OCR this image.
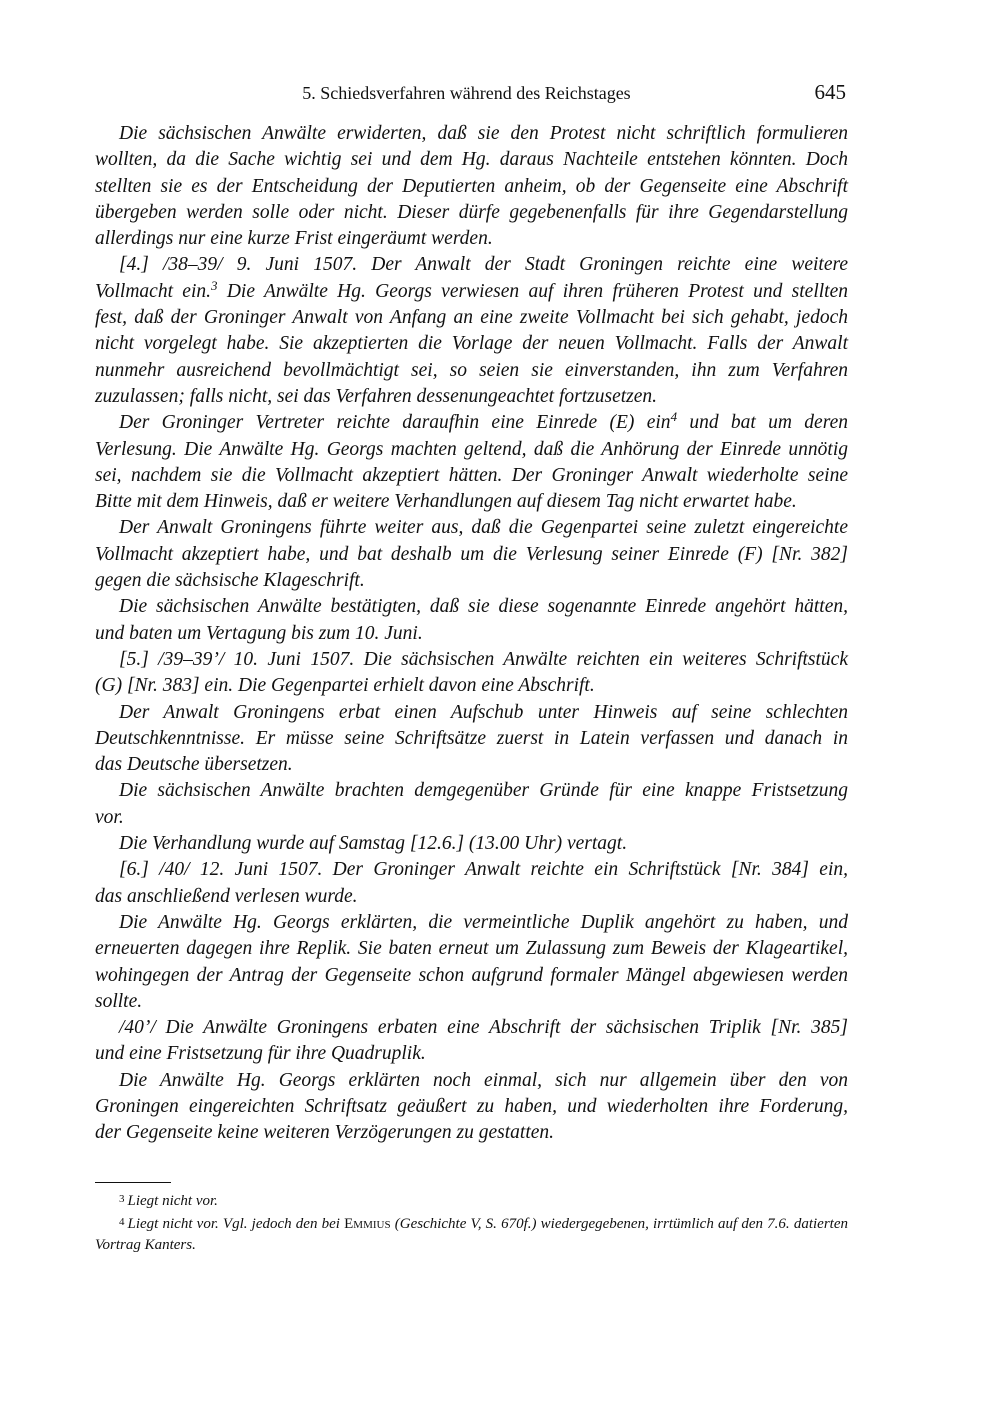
5. Schiedsverfahren während des Reichstages	645
Die sächsischen Anwälte erwiderten, daß sie den Protest nicht schriftlich formulieren
wollten, da die Sache wichtig sei und dem Hg. daraus Nachteile entstehen könnten. Doch
stellten sie es der Entscheidung der Deputierten anheim, ob der Gegenseite eine Abschrift
übergeben werden solle oder nicht. Dieser dürfe gegebenenfalls für ihre Gegendarstellung
allerdings nur eine kurze Frist eingeräumt werden.
[4.] /38–39/ 9. Juni 1507. Der Anwalt der Stadt Groningen reichte eine weitere
Vollmacht ein.$^3$ Die Anwälte Hg. Georgs verwiesen auf ihren früheren Protest und stellten
fest, daß der Groninger Anwalt von Anfang an eine zweite Vollmacht bei sich gehabt, jedoch
nicht vorgelegt habe. Sie akzeptierten die Vorlage der neuen Vollmacht. Falls der Anwalt
nunmehr ausreichend bevollmächtigt sei, so seien sie einverstanden, ihn zum Verfahren
zuzulassen; falls nicht, sei das Verfahren dessenungeachtet fortzusetzen.
Der Groninger Vertreter reichte daraufhin eine Einrede (E) ein$^4$ und bat um deren
Verlesung. Die Anwälte Hg. Georgs machten geltend, daß die Anhörung der Einrede unnötig
sei, nachdem sie die Vollmacht akzeptiert hätten. Der Groninger Anwalt wiederholte seine
Bitte mit dem Hinweis, daß er weitere Verhandlungen auf diesem Tag nicht erwartet habe.
Der Anwalt Groningens führte weiter aus, daß die Gegenpartei seine zuletzt eingereichte
Vollmacht akzeptiert habe, und bat deshalb um die Verlesung seiner Einrede (F) [Nr. 382]
gegen die sächsische Klageschrift.
Die sächsischen Anwälte bestätigten, daß sie diese sogenannte Einrede angehört hätten,
und baten um Vertagung bis zum 10. Juni.
[5.] /39–39’/ 10. Juni 1507. Die sächsischen Anwälte reichten ein weiteres Schriftstück
(G) [Nr. 383] ein. Die Gegenpartei erhielt davon eine Abschrift.
Der Anwalt Groningens erbat einen Aufschub unter Hinweis auf seine schlechten
Deutschkenntnisse. Er müsse seine Schriftsätze zuerst in Latein verfassen und danach in
das Deutsche übersetzen.
Die sächsischen Anwälte brachten demgegenüber Gründe für eine knappe Fristsetzung
vor.
Die Verhandlung wurde auf Samstag [12.6.] (13.00 Uhr) vertagt.
[6.] /40/ 12. Juni 1507. Der Groninger Anwalt reichte ein Schriftstück [Nr. 384] ein,
das anschließend verlesen wurde.
Die Anwälte Hg. Georgs erklärten, die vermeintliche Duplik angehört zu haben, und
erneuerten dagegen ihre Replik. Sie baten erneut um Zulassung zum Beweis der Klageartikel,
wohingegen der Antrag der Gegenseite schon aufgrund formaler Mängel abgewiesen werden
sollte.
/40’/ Die Anwälte Groningens erbaten eine Abschrift der sächsischen Triplik [Nr. 385]
und eine Fristsetzung für ihre Quadruplik.
Die Anwälte Hg. Georgs erklärten noch einmal, sich nur allgemein über den von
Groningen eingereichten Schriftsatz geäußert zu haben, und wiederholten ihre Forderung,
der Gegenseite keine weiteren Verzögerungen zu gestatten.
$^3$ Liegt nicht vor.
$^4$ Liegt nicht vor. Vgl. jedoch den bei Emmius (Geschichte V, S. 670f.) wiedergegebenen, irrtümlich auf den 7.6. datierten Vortrag Kanters.
